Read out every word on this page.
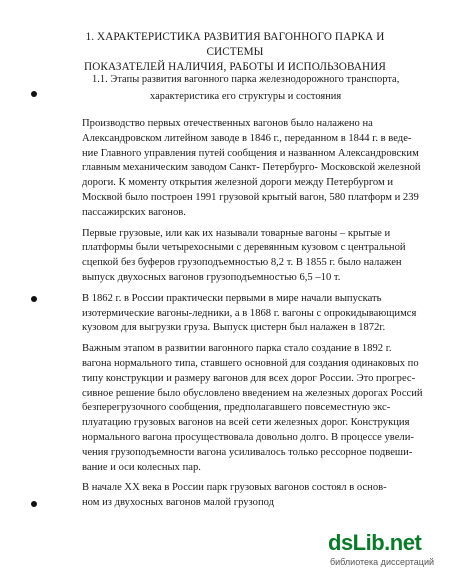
1. ХАРАКТЕРИСТИКА РАЗВИТИЯ ВАГОННОГО ПАРКА И СИСТЕМЫ
ПОКАЗАТЕЛЕЙ НАЛИЧИЯ, РАБОТЫ И ИСПОЛЬЗОВАНИЯ
1.1. Этапы развития вагонного парка железнодорожного транспорта,
характеристика его структуры и состояния
Производство первых отечественных вагонов было налажено на
Александровском литейном заводе в 1846 г., переданном в 1844 г. в веде-
ние Главного управления путей сообщения и названном Александровским
главным механическим заводом Санкт- Петербурго- Московской железной
дороги. К моменту открытия железной дороги между Петербургом и
Москвой было построен 1991 грузовой крытый вагон, 580 платформ и 239
пассажирских вагонов.
Первые грузовые, или как их называли товарные вагоны – крытые и
платформы были четырехосными с деревянным кузовом с центральной
сцепкой без буферов грузоподъемностью 8,2 т. В 1855 г. было налажен
выпуск двухосных вагонов грузоподъемностью 6,5 –10 т.
В 1862 г. в России практически первыми в мире начали выпускать
изотермические вагоны-ледники, а в 1868 г. вагоны с опрокидывающимся
кузовом для выгрузки груза. Выпуск цистерн был налажен в 1872г.
Важным этапом в развитии вагонного парка стало создание в 1892 г.
вагона нормального типа, ставшего основной для создания одинаковых по
типу конструкции и размеру вагонов для всех дорог России. Это прогрес-
сивное решение было обусловлено введением на железных дорогах Россий
безперегрузочного сообщения, предполагавшего повсеместную экс-
плуатацию грузовых вагонов на всей сети железных дорог. Конструкция
нормального вагона просуществовала довольно долго. В процессе увели-
чения грузоподъемности вагона усиливалось только рессорное подвеши-
вание и оси колесных пар.
В начале XX века в России парк грузовых вагонов состоял в основ-
ном из двухосных вагонов малой грузопод
dsLib.net
библиотека диссертаций
